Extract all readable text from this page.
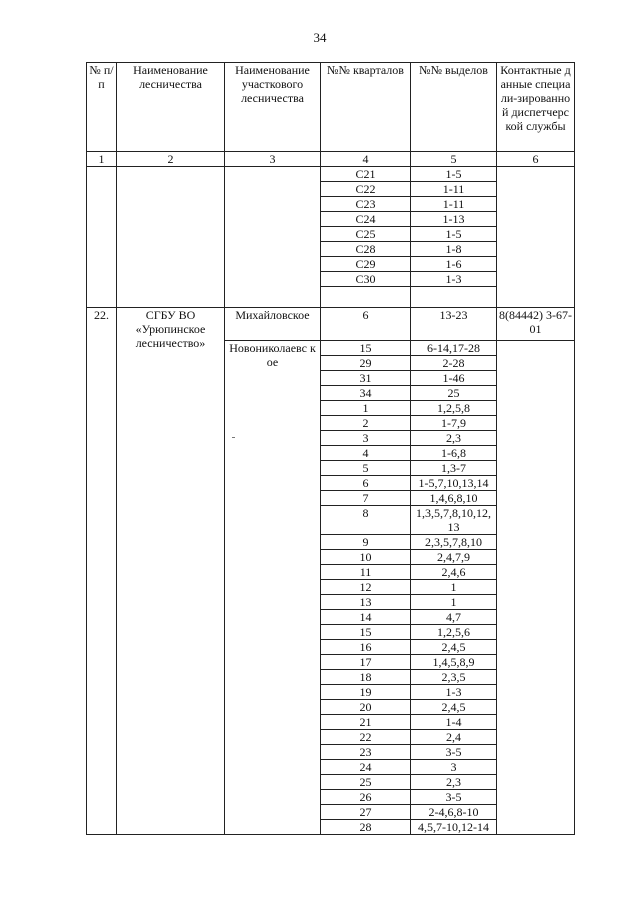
34
№ п/п	Наименование лесничества	Наименование участкового лесничества	№№ кварталов	№№ выделов	Контактные данные специали-зированной диспетчерс кой службы
1	2	3	4	5	6
			С21	1-5	
			С22	1-11	
			С23	1-11	
			С24	1-13	
			С25	1-5	
			С28	1-8	
			С29	1-6	
			С30	1-3	

22.	СГБУ ВО «Урюпинское лесничество»	Михайловское	6	13-23	8(84442) 3-67-01
		Новониколаевс кое	15	6-14,17-28	
			29	2-28	
			31	1-46	
			34	25	
			1	1,2,5,8	
			2	1-7,9	
			3	2,3	
			4	1-6,8	
			5	1,3-7	
			6	1-5,7,10,13,14	
			7	1,4,6,8,10	
			8	1,3,5,7,8,10,12, 13	
			9	2,3,5,7,8,10	
			10	2,4,7,9	
			11	2,4,6	
			12	1	
			13	1	
			14	4,7	
			15	1,2,5,6	
			16	2,4,5	
			17	1,4,5,8,9	
			18	2,3,5	
			19	1-3	
			20	2,4,5	
			21	1-4	
			22	2,4	
			23	3-5	
			24	3	
			25	2,3	
			26	3-5	
			27	2-4,6,8-10	
			28	4,5,7-10,12-14	
